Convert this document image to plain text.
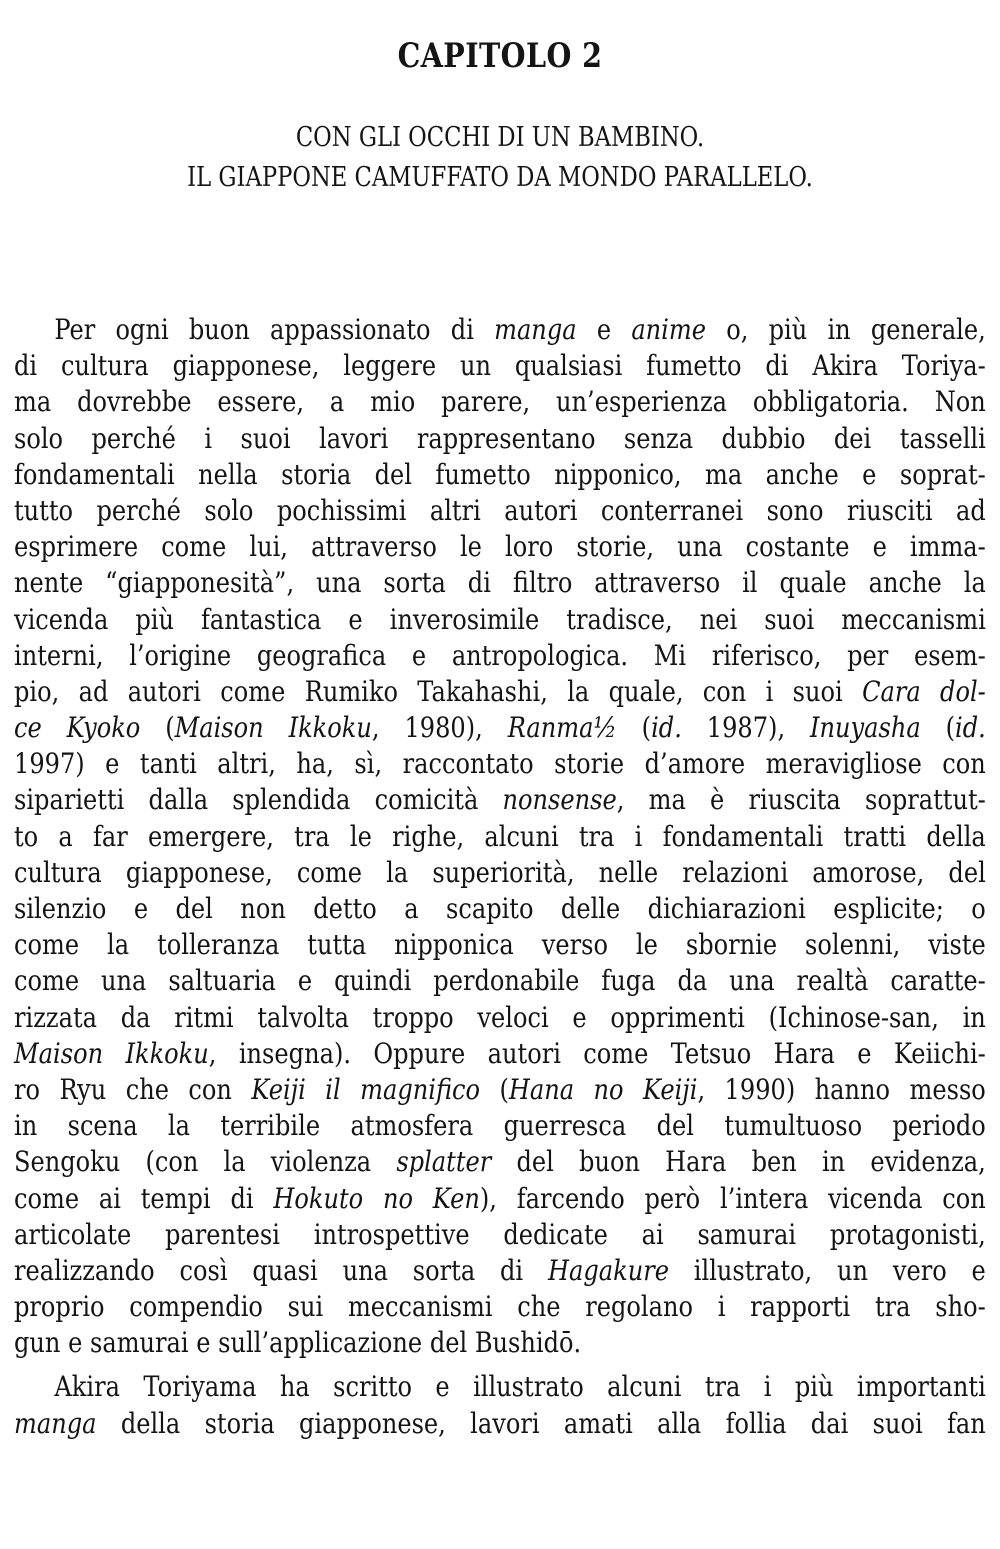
CAPITOLO 2
CON GLI OCCHI DI UN BAMBINO.
IL GIAPPONE CAMUFFATO DA MONDO PARALLELO.
Per ogni buon appassionato di manga e anime o, più in generale,
di cultura giapponese, leggere un qualsiasi fumetto di Akira Toriya-
ma dovrebbe essere, a mio parere, un’esperienza obbligatoria. Non
solo perché i suoi lavori rappresentano senza dubbio dei tasselli
fondamentali nella storia del fumetto nipponico, ma anche e soprat-
tutto perché solo pochissimi altri autori conterranei sono riusciti ad
esprimere come lui, attraverso le loro storie, una costante e imma-
nente “giapponesità”, una sorta di filtro attraverso il quale anche la
vicenda più fantastica e inverosimile tradisce, nei suoi meccanismi
interni, l’origine geografica e antropologica. Mi riferisco, per esem-
pio, ad autori come Rumiko Takahashi, la quale, con i suoi Cara dol-
ce Kyoko (Maison Ikkoku, 1980), Ranma½ (id. 1987), Inuyasha (id.
1997) e tanti altri, ha, sì, raccontato storie d’amore meravigliose con
siparietti dalla splendida comicità nonsense, ma è riuscita soprattut-
to a far emergere, tra le righe, alcuni tra i fondamentali tratti della
cultura giapponese, come la superiorità, nelle relazioni amorose, del
silenzio e del non detto a scapito delle dichiarazioni esplicite; o
come la tolleranza tutta nipponica verso le sbornie solenni, viste
come una saltuaria e quindi perdonabile fuga da una realtà caratte-
rizzata da ritmi talvolta troppo veloci e opprimenti (Ichinose-san, in
Maison Ikkoku, insegna). Oppure autori come Tetsuo Hara e Keiichi-
ro Ryu che con Keiji il magnifico (Hana no Keiji, 1990) hanno messo
in scena la terribile atmosfera guerresca del tumultuoso periodo
Sengoku (con la violenza splatter del buon Hara ben in evidenza,
come ai tempi di Hokuto no Ken), farcendo però l’intera vicenda con
articolate parentesi introspettive dedicate ai samurai protagonisti,
realizzando così quasi una sorta di Hagakure illustrato, un vero e
proprio compendio sui meccanismi che regolano i rapporti tra sho-
gun e samurai e sull’applicazione del Bushidō.
Akira Toriyama ha scritto e illustrato alcuni tra i più importanti
manga della storia giapponese, lavori amati alla follia dai suoi fan
